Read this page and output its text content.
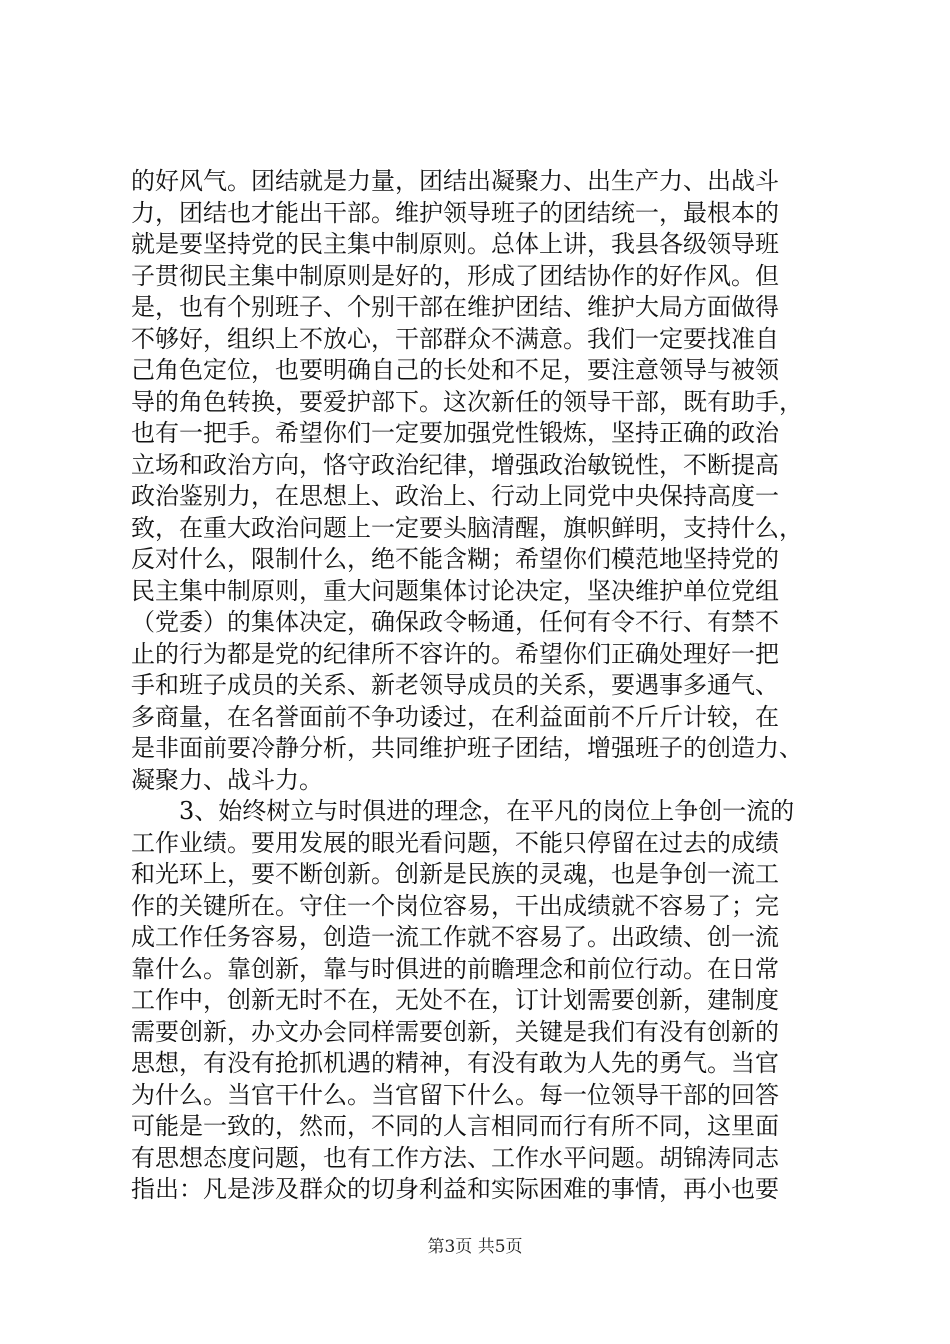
的好风气。团结就是力量，团结出凝聚力、出生产力、出战斗
力，团结也才能出干部。维护领导班子的团结统一，最根本的
就是要坚持党的民主集中制原则。总体上讲，我县各级领导班
子贯彻民主集中制原则是好的，形成了团结协作的好作风。但
是，也有个别班子、个别干部在维护团结、维护大局方面做得
不够好，组织上不放心，干部群众不满意。我们一定要找准自
己角色定位，也要明确自己的长处和不足，要注意领导与被领
导的角色转换，要爱护部下。这次新任的领导干部，既有助手，
也有一把手。希望你们一定要加强党性锻炼，坚持正确的政治
立场和政治方向，恪守政治纪律，增强政治敏锐性，不断提高
政治鉴别力，在思想上、政治上、行动上同党中央保持高度一
致，在重大政治问题上一定要头脑清醒，旗帜鲜明，支持什么，
反对什么，限制什么，绝不能含糊；希望你们模范地坚持党的
民主集中制原则，重大问题集体讨论决定，坚决维护单位党组
（党委）的集体决定，确保政令畅通，任何有令不行、有禁不
止的行为都是党的纪律所不容许的。希望你们正确处理好一把
手和班子成员的关系、新老领导成员的关系，要遇事多通气、
多商量，在名誉面前不争功诿过，在利益面前不斤斤计较，在
是非面前要冷静分析，共同维护班子团结，增强班子的创造力、
凝聚力、战斗力。
3、始终树立与时俱进的理念，在平凡的岗位上争创一流的
工作业绩。要用发展的眼光看问题，不能只停留在过去的成绩
和光环上，要不断创新。创新是民族的灵魂，也是争创一流工
作的关键所在。守住一个岗位容易，干出成绩就不容易了；完
成工作任务容易，创造一流工作就不容易了。出政绩、创一流
靠什么。靠创新，靠与时俱进的前瞻理念和前位行动。在日常
工作中，创新无时不在，无处不在，订计划需要创新，建制度
需要创新，办文办会同样需要创新，关键是我们有没有创新的
思想，有没有抢抓机遇的精神，有没有敢为人先的勇气。当官
为什么。当官干什么。当官留下什么。每一位领导干部的回答
可能是一致的，然而，不同的人言相同而行有所不同，这里面
有思想态度问题，也有工作方法、工作水平问题。胡锦涛同志
指出：凡是涉及群众的切身利益和实际困难的事情，再小也要
第3页 共5页
